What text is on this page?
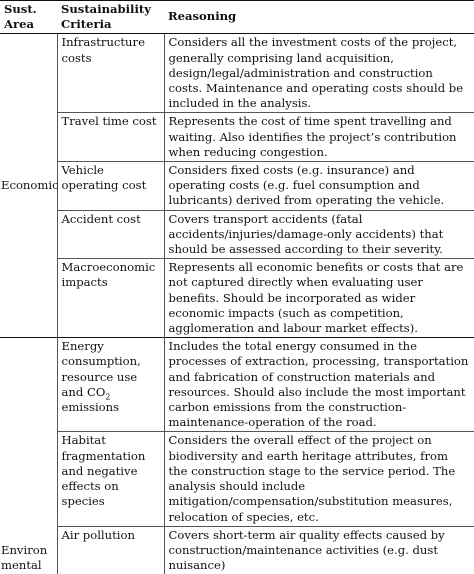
Sust. Area	Sustainability Criteria	Reasoning

Economic	Infrastructure costs	Considers all the investment costs of the project, generally comprising land acquisition, design/legal/administration and construction costs. Maintenance and operating costs should be included in the analysis.
	Travel time cost	Represents the cost of time spent travelling and waiting. Also identifies the project’s contribution when reducing congestion.
	Vehicle operating cost	Considers fixed costs (e.g. insurance) and operating costs (e.g. fuel consumption and lubricants) derived from operating the vehicle.
	Accident cost	Covers transport accidents (fatal accidents/injuries/damage-only accidents) that should be assessed according to their severity.
	Macroeconomic impacts	Represents all economic benefits or costs that are not captured directly when evaluating user benefits. Should be incorporated as wider economic impacts (such as competition, agglomeration and labour market effects).

Environmental	Energy consumption, resource use and $CO_2$ emissions	Includes the total energy consumed in the processes of extraction, processing, transportation and fabrication of construction materials and resources. Should also include the most important carbon emissions from the construction-maintenance-operation of the road.
	Habitat fragmentation and negative effects on species	Considers the overall effect of the project on biodiversity and earth heritage attributes, from the construction stage to the service period. The analysis should include mitigation/compensation/substitution measures, relocation of species, etc.
	Air pollution	Covers short-term air quality effects caused by construction/maintenance activities (e.g. dust nuisance)
